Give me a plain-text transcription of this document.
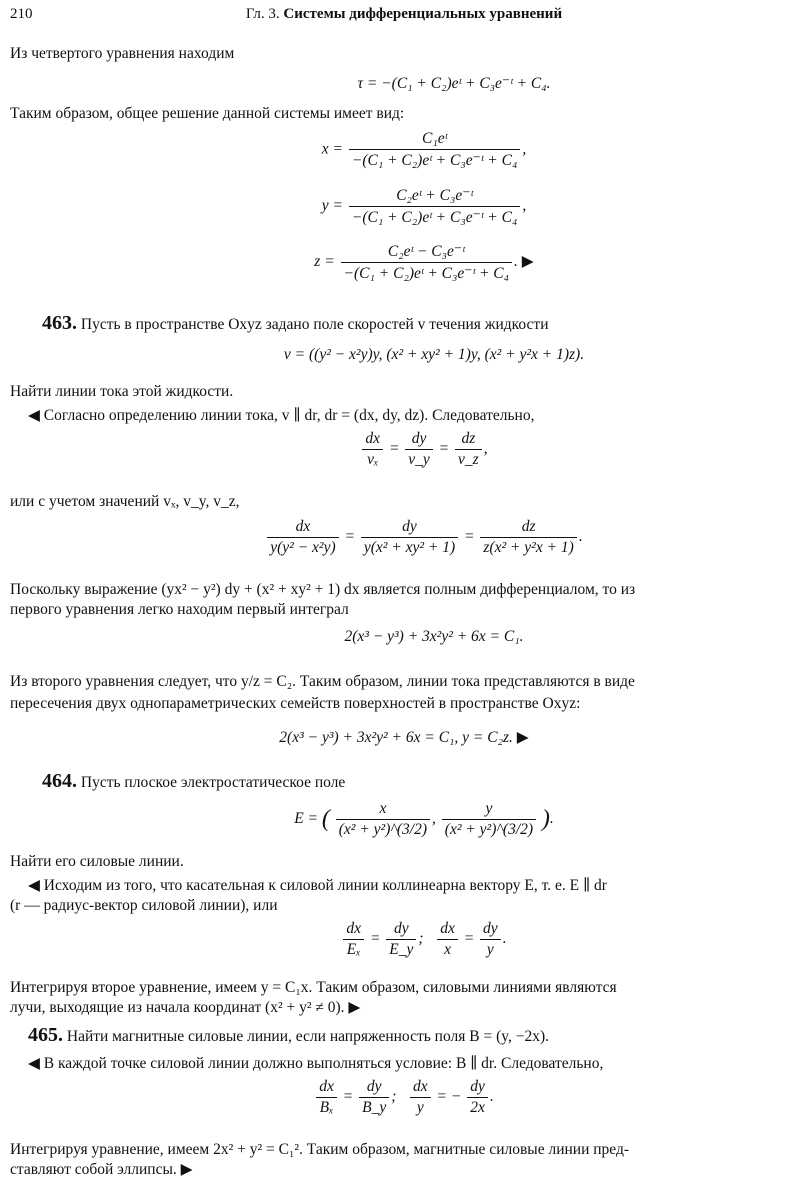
210	Гл. 3. Системы дифференциальных уравнений
Из четвертого уравнения находим
τ = −(C₁ + C₂)eᵗ + C₃e⁻ᵗ + C₄.
Таким образом, общее решение данной системы имеет вид:
$x = \frac{\text{C₁eᵗ}}{\text{−(C₁ + C₂)eᵗ + C₃e⁻ᵗ + C₄}}$ ,
$y = \frac{\text{C₂eᵗ + C₃e⁻ᵗ}}{\text{−(C₁ + C₂)eᵗ + C₃e⁻ᵗ + C₄}}$ ,
$z = \frac{\text{C₂eᵗ − C₃e⁻ᵗ}}{\text{−(C₁ + C₂)eᵗ + C₃e⁻ᵗ + C₄}}$ . ▶
463. Пусть в пространстве Oxyz задано поле скоростей v течения жидкости
v = ((y² − x²y)y, (x² + xy² + 1)y, (x² + y²x + 1)z).
Найти линии тока этой жидкости.
◀ Согласно определению линии тока, v ∥ dr, dr = (dx, dy, dz). Следовательно,
$\frac{dx}{\text{vₓ}} = \frac{dy}{v\_y} = \frac{dz}{v\_z}$ ,
или с учетом значений vₓ, v_y, v_z,
$\frac{dx}{\text{y(y² − x²y)}} = \frac{dy}{\text{y(x² + xy² + 1)}} = \frac{dz}{\text{z(x² + y²x + 1)}}$ .
Поскольку выражение (yx² − y²) dy + (x² + xy² + 1) dx является полным дифференциалом, то из
первого уравнения легко находим первый интеграл
2(x³ − y³) + 3x²y² + 6x = C₁.
Из второго уравнения следует, что y/z = C₂. Таким образом, линии тока представляются в виде
пересечения двух однопараметрических семейств поверхностей в пространстве Oxyz:
2(x³ − y³) + 3x²y² + 6x = C₁, y = C₂z. ▶
464. Пусть плоское электростатическое поле
E = ( $\frac{x}{\text{(x² + y²)\textasciicircum{}(3/2)}}$ , $\frac{y}{\text{(x² + y²)\textasciicircum{}(3/2)}}$ ).
Найти его силовые линии.
◀ Исходим из того, что касательная к силовой линии коллинеарна вектору E, т. е. E ∥ dr
(r — радиус-вектор силовой линии), или
$\frac{dx}{\text{Eₓ}} = \frac{dy}{E\_y}$ ; $\frac{dx}{x} = \frac{dy}{y}$ .
Интегрируя второе уравнение, имеем y = C₁x. Таким образом, силовыми линиями являются
лучи, выходящие из начала координат (x² + y² ≠ 0). ▶
465. Найти магнитные силовые линии, если напряженность поля B = (y, −2x).
◀ В каждой точке силовой линии должно выполняться условие: B ∥ dr. Следовательно,
$\frac{dx}{\text{Bₓ}} = \frac{dy}{B\_y}$ ; $\frac{dx}{y}$ = − $\frac{dy}{2x}$ .
Интегрируя уравнение, имеем 2x² + y² = C₁². Таким образом, магнитные силовые линии пред-
ставляют собой эллипсы. ▶
